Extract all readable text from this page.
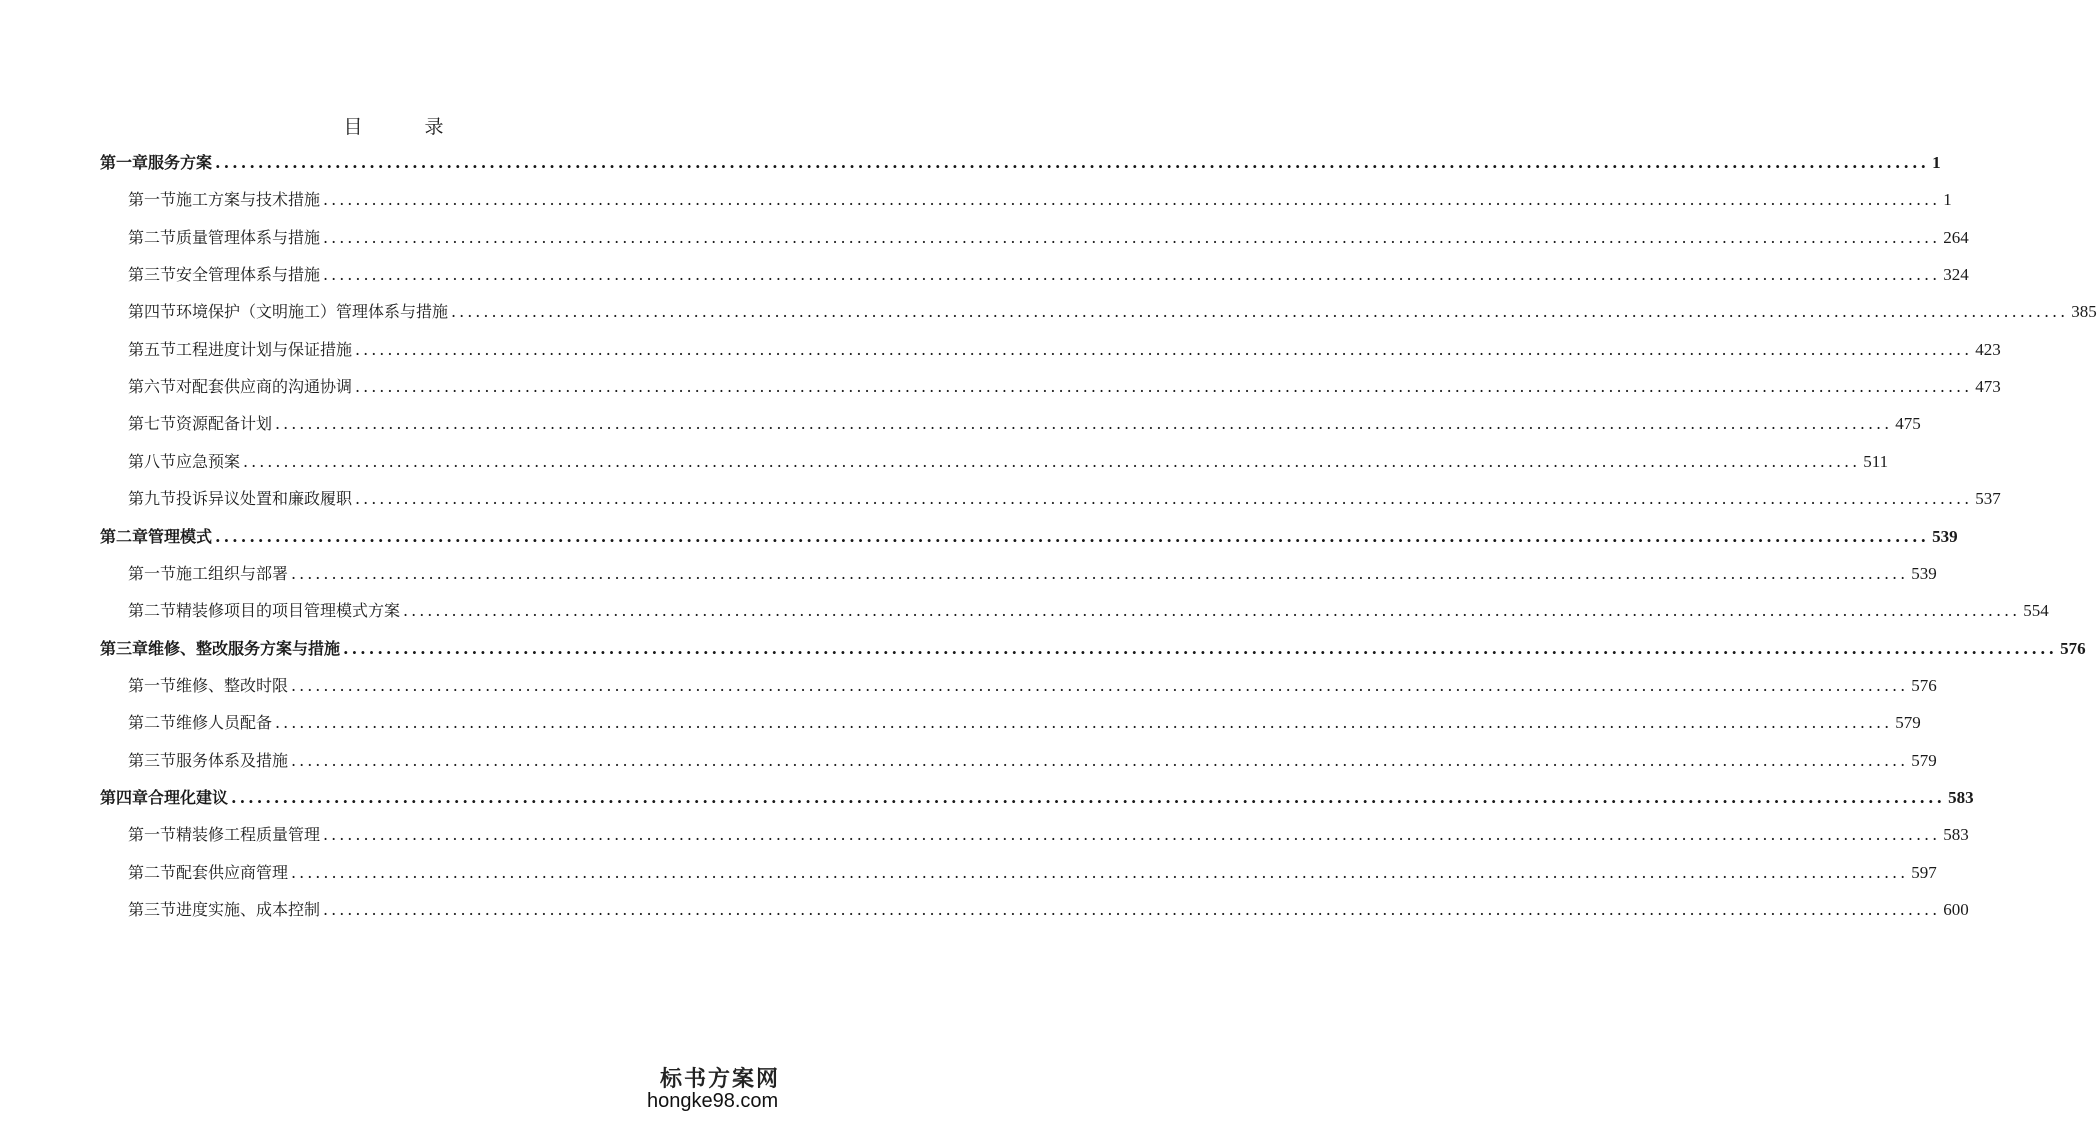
目 录
第一章 服务方案 ........................................................................................................................................................................................................ 1
第一节 施工方案与技术措施 ........................................................................................................................................................................................................ 1
第二节 质量管理体系与措施 ........................................................................................................................................................................................................ 264
第三节 安全管理体系与措施 ........................................................................................................................................................................................................ 324
第四节 环境保护（文明施工）管理体系与措施 ........................................................................................................................................................................................................ 385
第五节 工程进度计划与保证措施 ........................................................................................................................................................................................................ 423
第六节 对配套供应商的沟通协调 ........................................................................................................................................................................................................ 473
第七节 资源配备计划 ........................................................................................................................................................................................................ 475
第八节 应急预案 ........................................................................................................................................................................................................ 511
第九节 投诉异议处置和廉政履职 ........................................................................................................................................................................................................ 537
第二章 管理模式 ........................................................................................................................................................................................................ 539
第一节 施工组织与部署 ........................................................................................................................................................................................................ 539
第二节 精装修项目的项目管理模式方案 ........................................................................................................................................................................................................ 554
第三章 维修、整改服务方案与措施 ........................................................................................................................................................................................................ 576
第一节 维修、整改时限 ........................................................................................................................................................................................................ 576
第二节 维修人员配备 ........................................................................................................................................................................................................ 579
第三节 服务体系及措施 ........................................................................................................................................................................................................ 579
第四章 合理化建议 ........................................................................................................................................................................................................ 583
第一节 精装修工程质量管理 ........................................................................................................................................................................................................ 583
第二节 配套供应商管理 ........................................................................................................................................................................................................ 597
第三节 进度实施、成本控制 ........................................................................................................................................................................................................ 600
标书方案网
hongke98.com
